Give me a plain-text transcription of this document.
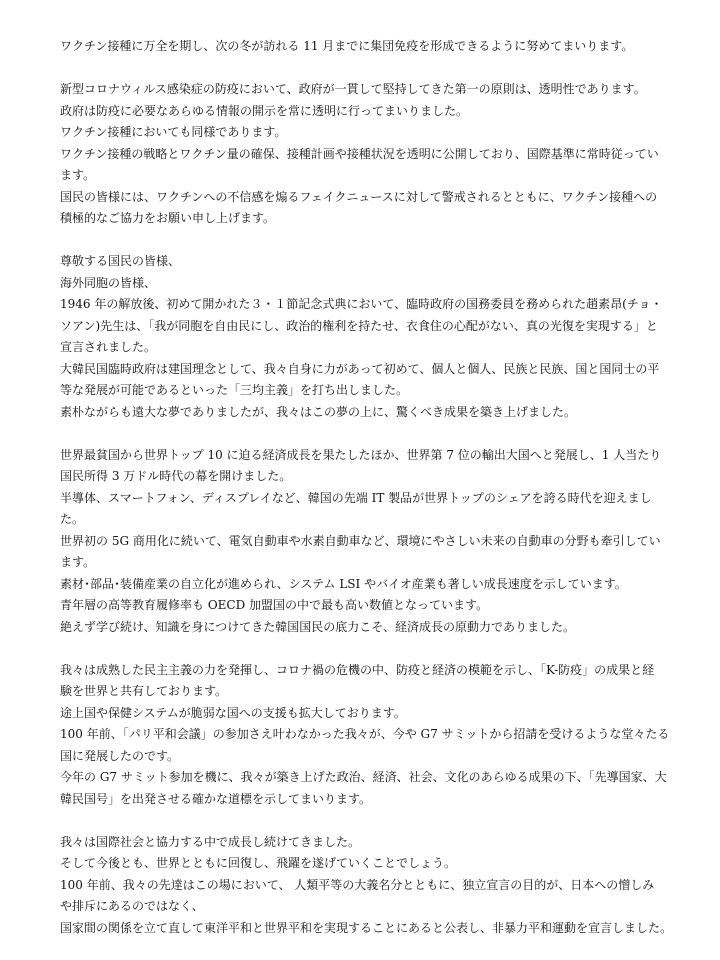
ワクチン接種に万全を期し、次の冬が訪れる 11 月までに集団免疫を形成できるように努めてまいります。
新型コロナウィルス感染症の防疫において、政府が一貫して堅持してきた第一の原則は、透明性であります。
政府は防疫に必要なあらゆる情報の開示を常に透明に行ってまいりました。
ワクチン接種においても同様であります。
ワクチン接種の戦略とワクチン量の確保、接種計画や接種状況を透明に公開しており、国際基準に常時従ってい
ます。
国民の皆様には、ワクチンへの不信感を煽るフェイクニュースに対して警戒されるとともに、ワクチン接種への
積極的なご協力をお願い申し上げます。
尊敬する国民の皆様、
海外同胞の皆様、
1946 年の解放後、初めて開かれた３・１節記念式典において、臨時政府の国務委員を務められた趙素昂(チョ・
ソアン)先生は、｢我が同胞を自由民にし、政治的権利を持たせ、衣食住の心配がない、真の光復を実現する」と
宣言されました。
大韓民国臨時政府は建国理念として、我々自身に力があって初めて、個人と個人、民族と民族、国と国同士の平
等な発展が可能であるといった「三均主義」を打ち出しました。
素朴ながらも遠大な夢でありましたが、我々はこの夢の上に、驚くべき成果を築き上げました。
世界最貧国から世界トップ 10 に迫る経済成長を果たしたほか、世界第 7 位の輸出大国へと発展し、1 人当たり
国民所得 3 万ドル時代の幕を開けました。
半導体、スマートフォン、ディスプレイなど、韓国の先端 IT 製品が世界トップのシェアを誇る時代を迎えまし
た。
世界初の 5G 商用化に続いて、電気自動車や水素自動車など、環境にやさしい未来の自動車の分野も牽引してい
ます。
素材･部品･装備産業の自立化が進められ、システム LSI やバイオ産業も著しい成長速度を示しています。
青年層の高等教育履修率も OECD 加盟国の中で最も高い数値となっています。
絶えず学び続け、知識を身につけてきた韓国国民の底力こそ、経済成長の原動力でありました。
我々は成熟した民主主義の力を発揮し、コロナ禍の危機の中、防疫と経済の模範を示し、「K-防疫」の成果と経
験を世界と共有しております。
途上国や保健システムが脆弱な国への支援も拡大しております。
100 年前、｢パリ平和会議」の参加さえ叶わなかった我々が、今や G7 サミットから招請を受けるような堂々たる
国に発展したのです。
今年の G7 サミット参加を機に、我々が築き上げた政治、経済、社会、文化のあらゆる成果の下、｢先導国家、大
韓民国号」を出発させる確かな道標を示してまいります。
我々は国際社会と協力する中で成長し続けてきました。
そして今後とも、世界とともに回復し、飛躍を遂げていくことでしょう。
100 年前、我々の先達はこの場において、 人類平等の大義名分とともに、独立宣言の目的が、日本への憎しみ
や排斥にあるのではなく、
国家間の関係を立て直して東洋平和と世界平和を実現することにあると公表し、非暴力平和運動を宣言しました。
